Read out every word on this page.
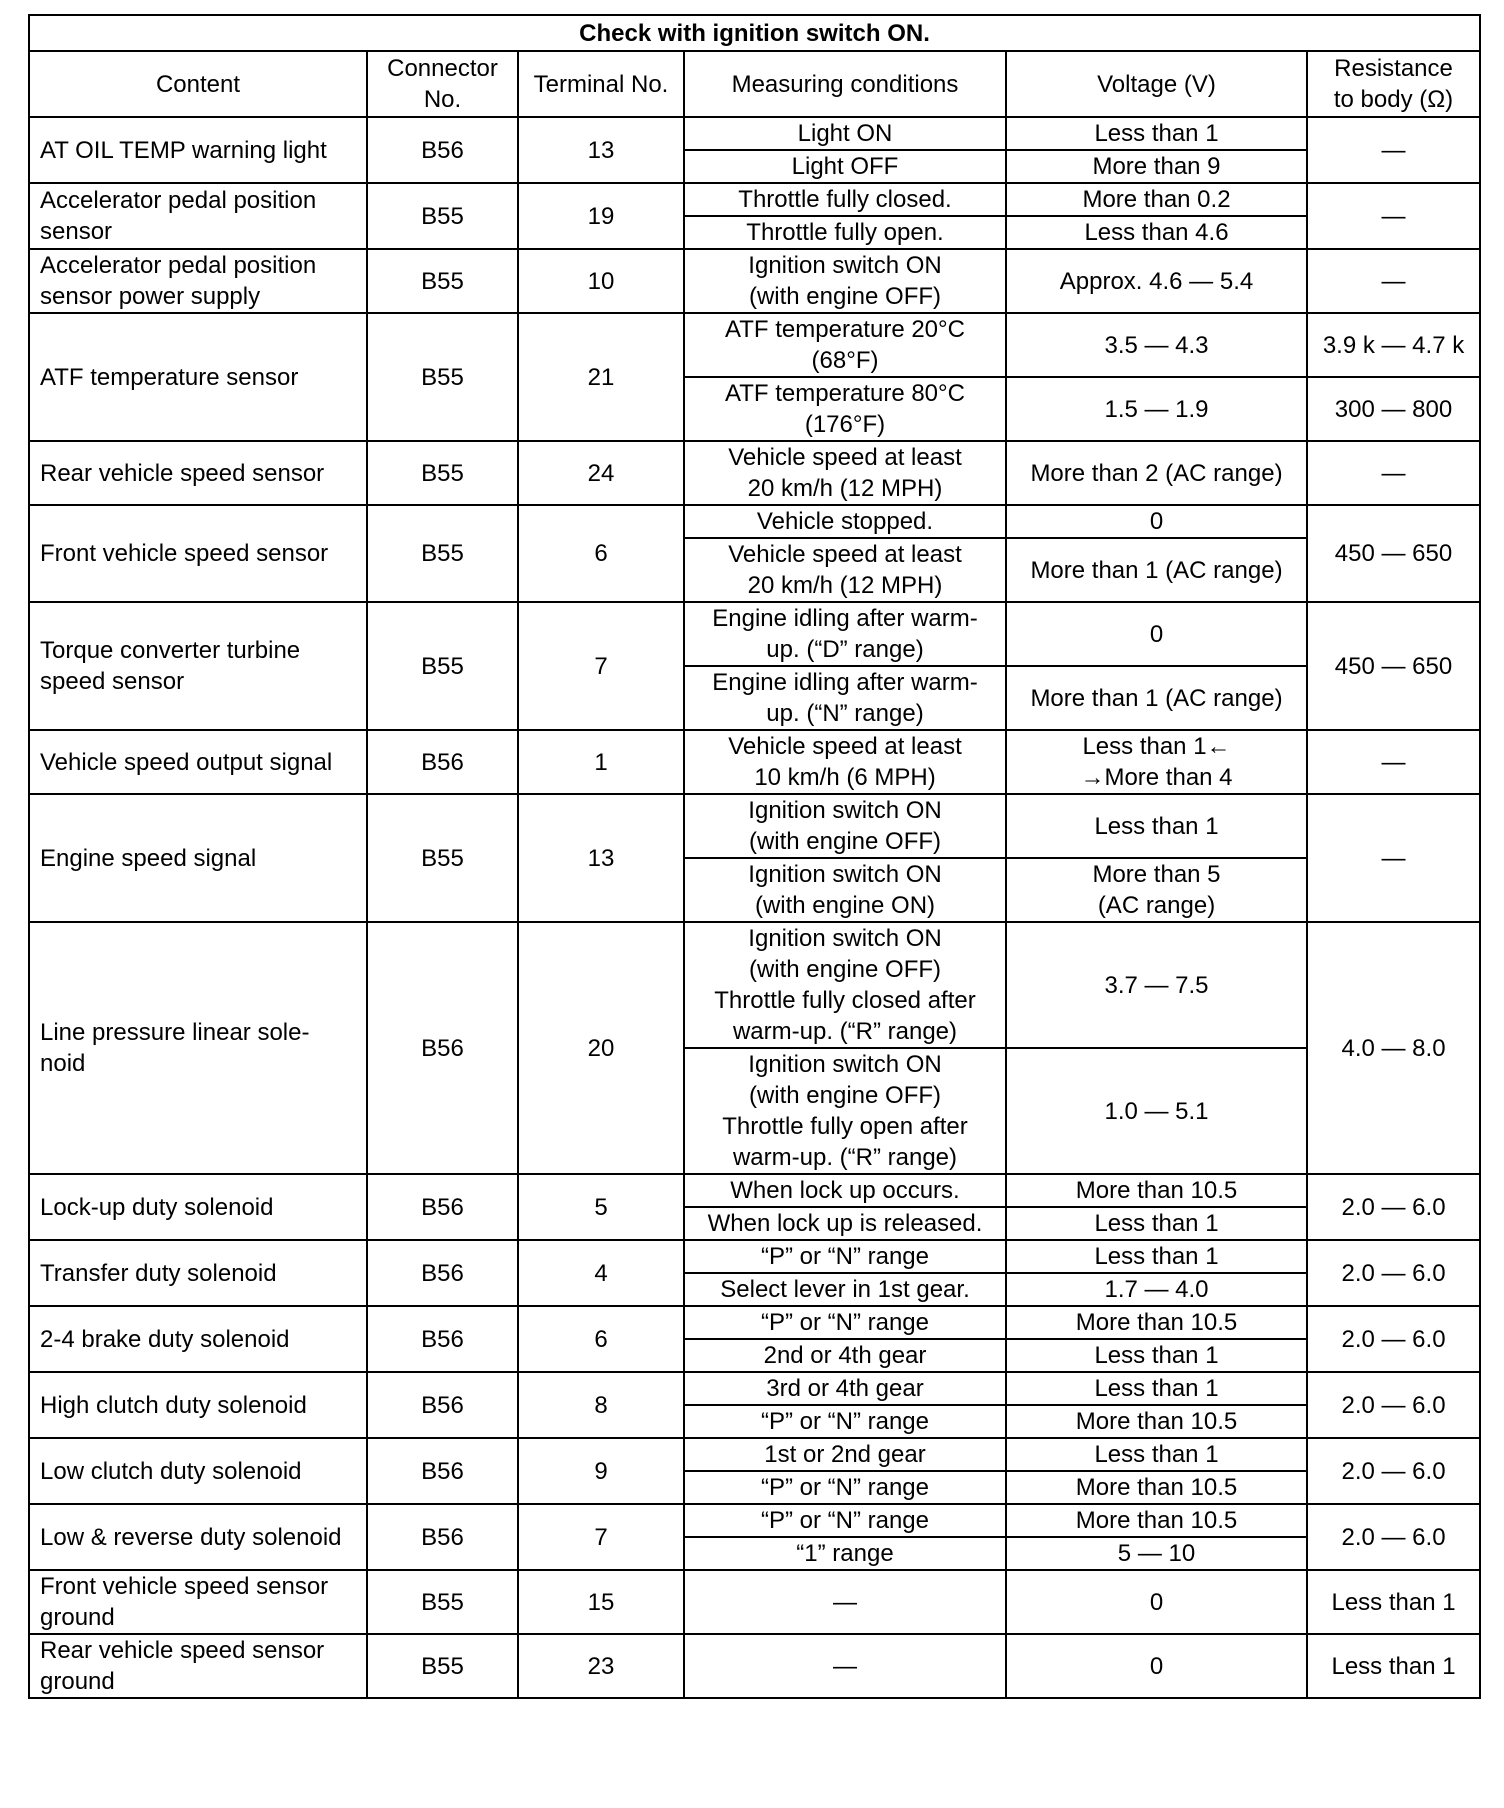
Check with ignition switch ON.					
Content	Connector
No.	Terminal No.	Measuring conditions	Voltage (V)	Resistance
to body (Ω)
AT OIL TEMP warning light	B56	13	Light ON	Less than 1	—
			Light OFF	More than 9	
Accelerator pedal position
sensor	B55	19	Throttle fully closed.	More than 0.2	—
			Throttle fully open.	Less than 4.6	
Accelerator pedal position
sensor power supply	B55	10	Ignition switch ON
(with engine OFF)	Approx. 4.6 — 5.4	—
ATF temperature sensor	B55	21	ATF temperature 20°C
(68°F)	3.5 — 4.3	3.9 k — 4.7 k
			ATF temperature 80°C
(176°F)	1.5 — 1.9	300 — 800
Rear vehicle speed sensor	B55	24	Vehicle speed at least
20 km/h (12 MPH)	More than 2 (AC range)	—
Front vehicle speed sensor	B55	6	Vehicle stopped.	0	450 — 650
			Vehicle speed at least
20 km/h (12 MPH)	More than 1 (AC range)	
Torque converter turbine
speed sensor	B55	7	Engine idling after warm-
up. (“D” range)	0	450 — 650
			Engine idling after warm-
up. (“N” range)	More than 1 (AC range)	
Vehicle speed output signal	B56	1	Vehicle speed at least
10 km/h (6 MPH)	Less than 1←
→More than 4	—
Engine speed signal	B55	13	Ignition switch ON
(with engine OFF)	Less than 1	—
			Ignition switch ON
(with engine ON)	More than 5
(AC range)	
Line pressure linear sole-
noid	B56	20	Ignition switch ON
(with engine OFF)
Throttle fully closed after
warm-up. (“R” range)	3.7 — 7.5	4.0 — 8.0
			Ignition switch ON
(with engine OFF)
Throttle fully open after
warm-up. (“R” range)	1.0 — 5.1	
Lock-up duty solenoid	B56	5	When lock up occurs.	More than 10.5	2.0 — 6.0
			When lock up is released.	Less than 1	
Transfer duty solenoid	B56	4	“P” or “N” range	Less than 1	2.0 — 6.0
			Select lever in 1st gear.	1.7 — 4.0	
2-4 brake duty solenoid	B56	6	“P” or “N” range	More than 10.5	2.0 — 6.0
			2nd or 4th gear	Less than 1	
High clutch duty solenoid	B56	8	3rd or 4th gear	Less than 1	2.0 — 6.0
			“P” or “N” range	More than 10.5	
Low clutch duty solenoid	B56	9	1st or 2nd gear	Less than 1	2.0 — 6.0
			“P” or “N” range	More than 10.5	
Low & reverse duty solenoid	B56	7	“P” or “N” range	More than 10.5	2.0 — 6.0
			“1” range	5 — 10	
Front vehicle speed sensor
ground	B55	15	—	0	Less than 1
Rear vehicle speed sensor
ground	B55	23	—	0	Less than 1
